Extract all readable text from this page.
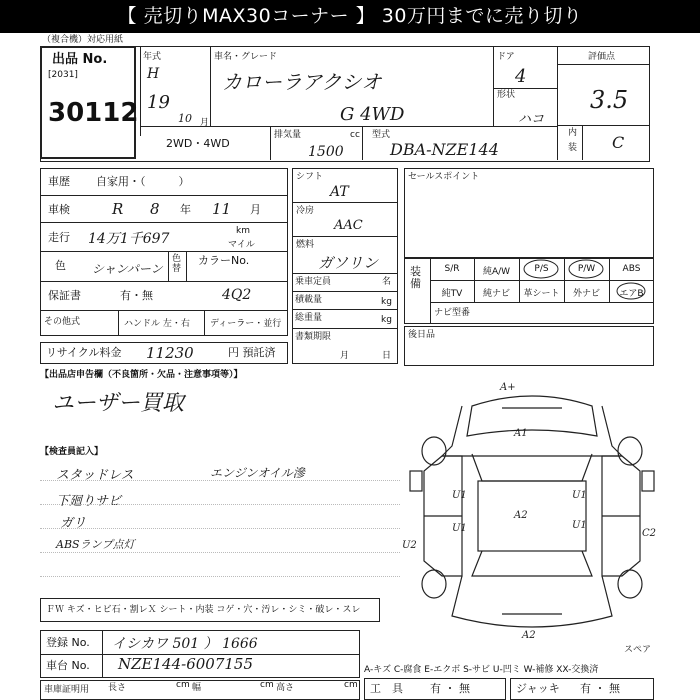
【 売切りMAX30コーナー 】 30万円までに売り切り
（複合機）対応用紙
出品 No.
[2031]
30112
年式
H
19
10 月
車名・グレード
カローラアクシオ
G 4WD
ドア
4
形状
ハコ
評価点
3.5
内
装 C
2WD・4WD
排気量	cc
1500
型式
DBA-NZE144
車歴 自家用・（　　　）
車検	R 8 年 11 月
走行 14万1千697	km
マイル
色 シャンパーン
色替
カラーNo.
保証書	有・無	4Q2
その他式	ハンドル 左・右 ディーラー・並行
リサイクル料金 11230	円 預託済
シフト
AT
冷房
AAC
燃料
ガソリン
乗車定員	名
積載量	kg
総重量	kg
書類期限
月	日
セールスポイント
装備
S/R	純A/W	P/S	P/W	ABS
純TV	純ナビ	革シート	外ナビ	エアB
ナビ型番
後日品
【出品店申告欄（不良箇所・欠品・注意事項等）】
ユーザー買取
【検査員記入】
スタッドレス
下廻りサビ
ガリ
ABSランプ点灯
エンジンオイル滲
A+
A1
U1
U1
A2
U1
U1
C2
U2
A2
スペア
ＦＷ キズ・ヒビ石・割レＸ シート・内装 コゲ・穴・汚レ・シミ・破レ・スレ
登録 No. イシカワ 501 ） 1666
車台 No. NZE144-6007155
車庫証明用 長さ	cm 幅	cm 高さ	cm
A-キズ C-腐食 E-エクボ S-サビ U-凹ミ W-補修 XX-交換済
工　具 有 ・ 無	ジャッキ 有 ・ 無
